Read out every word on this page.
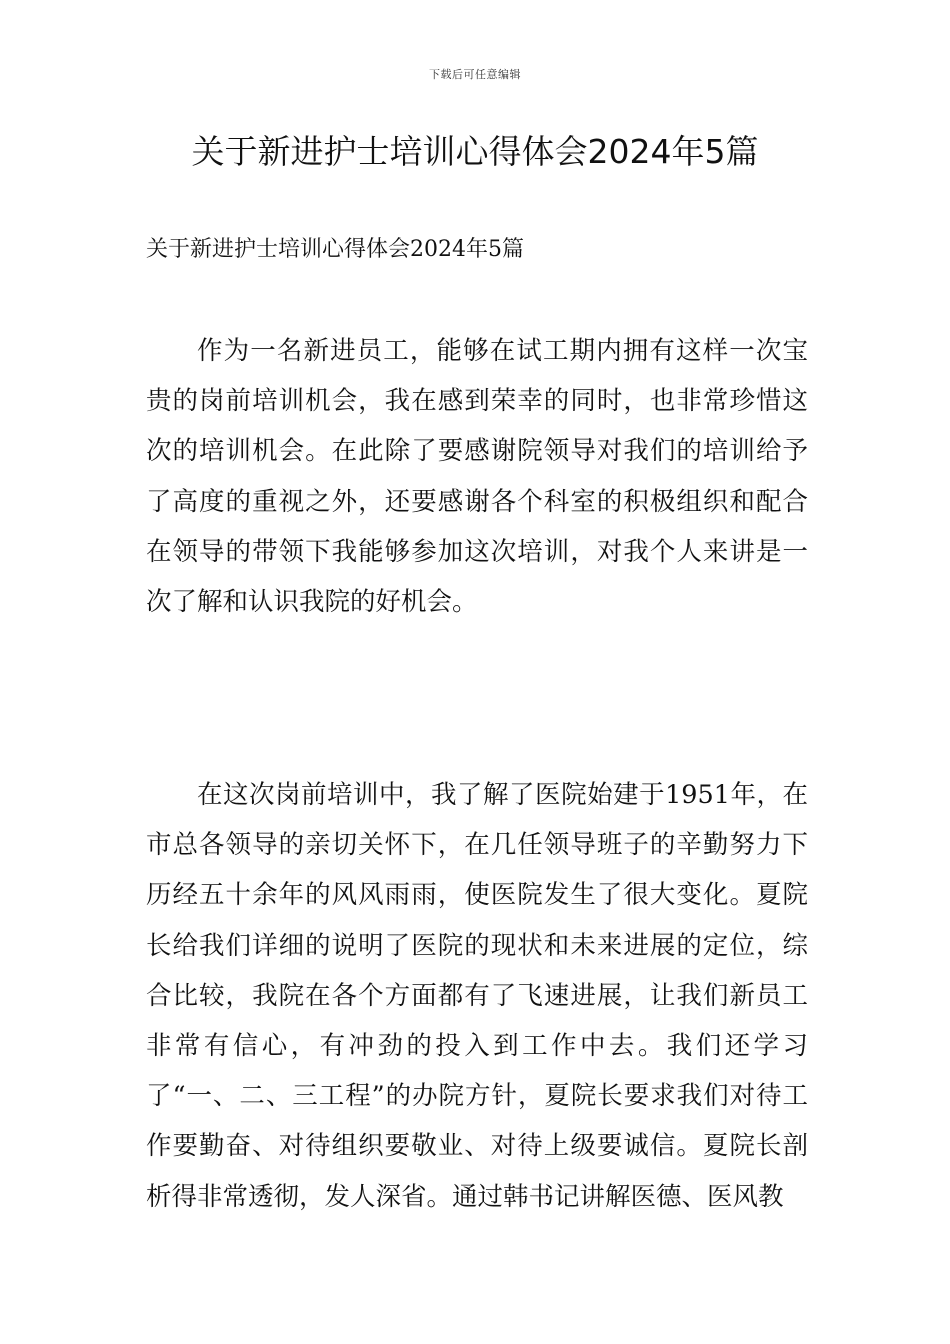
下载后可任意编辑
关于新进护士培训心得体会2024年5篇

关于新进护士培训心得体会2024年5篇

作为一名新进员工，能够在试工期内拥有这样一次宝贵的岗前培训机会，我在感到荣幸的同时，也非常珍惜这次的培训机会。在此除了要感谢院领导对我们的培训给予了高度的重视之外，还要感谢各个科室的积极组织和配合在领导的带领下我能够参加这次培训，对我个人来讲是一次了解和认识我院的好机会。

在这次岗前培训中，我了解了医院始建于1951年，在市总各领导的亲切关怀下，在几任领导班子的辛勤努力下历经五十余年的风风雨雨，使医院发生了很大变化。夏院长给我们详细的说明了医院的现状和未来进展的定位，综合比较，我院在各个方面都有了飞速进展，让我们新员工非常有信心，有冲劲的投入到工作中去。我们还学习了“一、二、三工程”的办院方针，夏院长要求我们对待工作要勤奋、对待组织要敬业、对待上级要诚信。夏院长剖析得非常透彻，发人深省。通过韩书记讲解医德、医风教
